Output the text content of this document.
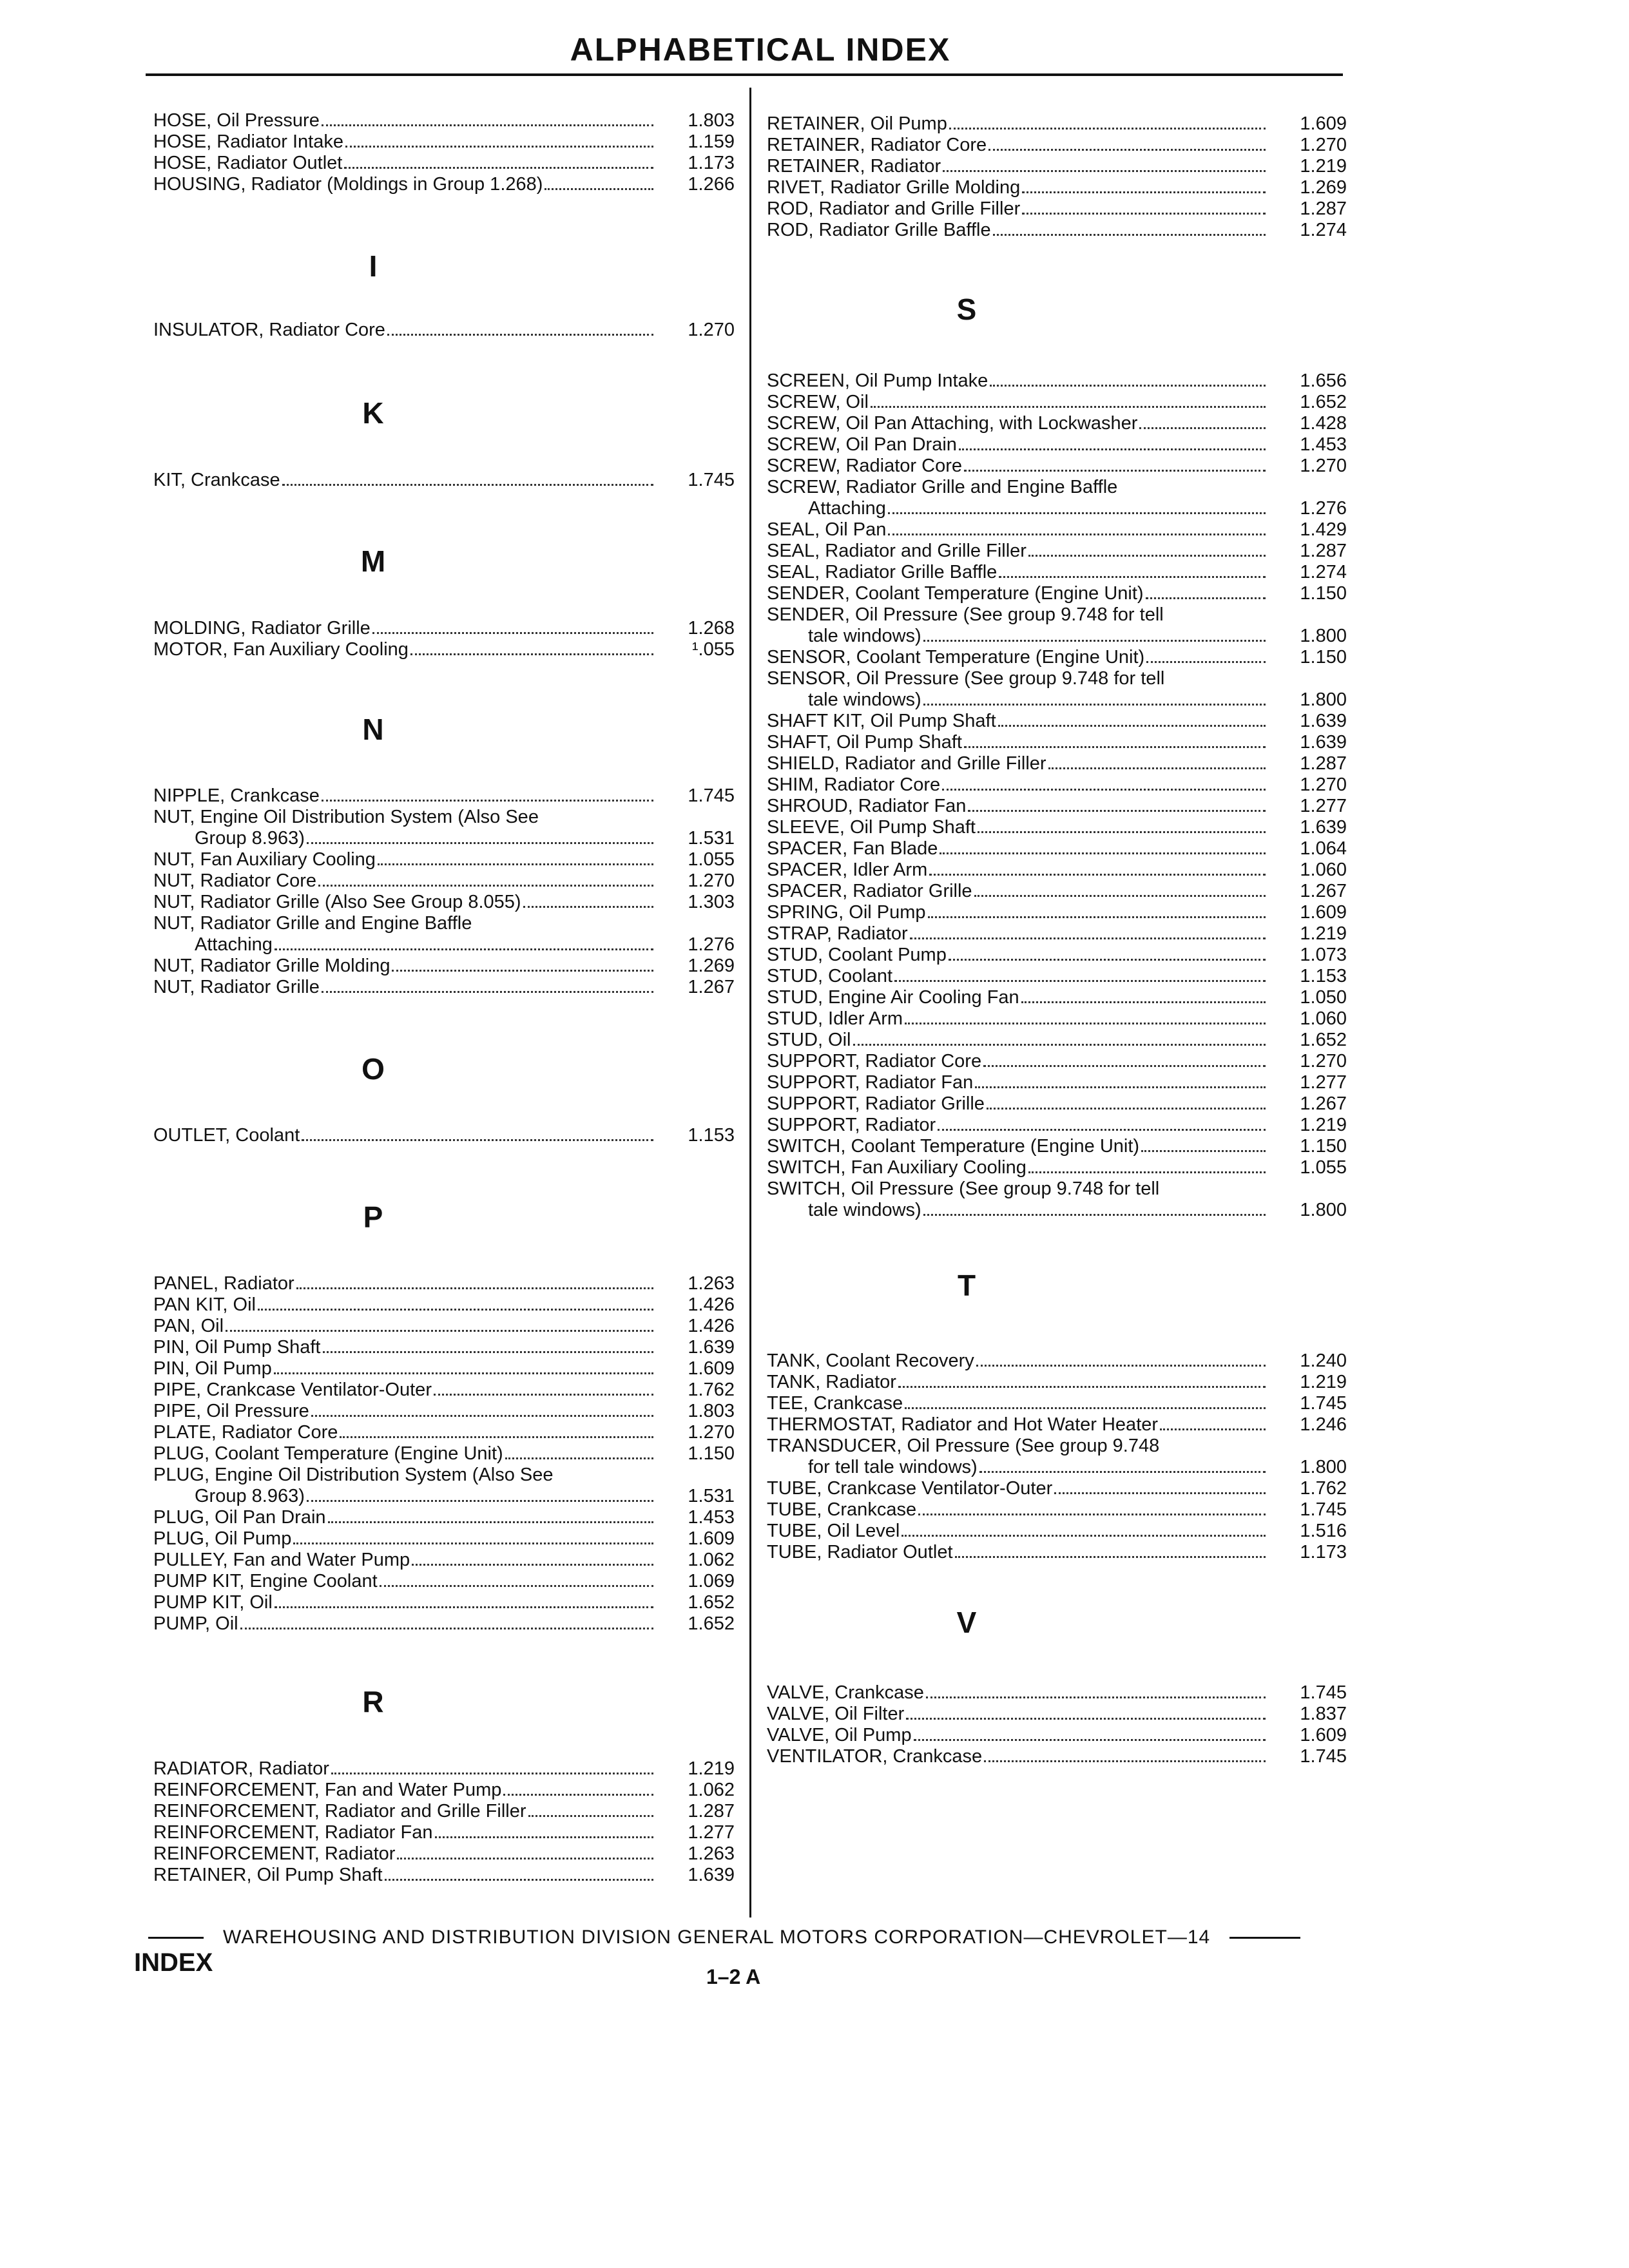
ALPHABETICAL INDEX
HOSE, Oil Pressure	1.803
HOSE, Radiator Intake	1.159
HOSE, Radiator Outlet	1.173
HOUSING, Radiator (Moldings in Group 1.268)	1.266
INSULATOR, Radiator Core	1.270
KIT, Crankcase	1.745
MOLDING, Radiator Grille	1.268
MOTOR, Fan Auxiliary Cooling	¹.055
NIPPLE, Crankcase	1.745
NUT, Engine Oil Distribution System (Also See
Group 8.963)	1.531
NUT, Fan Auxiliary Cooling	1.055
NUT, Radiator Core	1.270
NUT, Radiator Grille (Also See Group 8.055)	1.303
NUT, Radiator Grille and Engine Baffle
Attaching	1.276
NUT, Radiator Grille Molding	1.269
NUT, Radiator Grille	1.267
OUTLET, Coolant	1.153
PANEL, Radiator	1.263
PAN KIT, Oil	1.426
PAN, Oil	1.426
PIN, Oil Pump Shaft	1.639
PIN, Oil Pump	1.609
PIPE, Crankcase Ventilator-Outer	1.762
PIPE, Oil Pressure	1.803
PLATE, Radiator Core	1.270
PLUG, Coolant Temperature (Engine Unit)	1.150
PLUG, Engine Oil Distribution System (Also See
Group 8.963)	1.531
PLUG, Oil Pan Drain	1.453
PLUG, Oil Pump	1.609
PULLEY, Fan and Water Pump	1.062
PUMP KIT, Engine Coolant	1.069
PUMP KIT, Oil	1.652
PUMP, Oil	1.652
RADIATOR, Radiator	1.219
REINFORCEMENT, Fan and Water Pump	1.062
REINFORCEMENT, Radiator and Grille Filler	1.287
REINFORCEMENT, Radiator Fan	1.277
REINFORCEMENT, Radiator	1.263
RETAINER, Oil Pump Shaft	1.639
I
K
M
N
O
P
R
RETAINER, Oil Pump	1.609
RETAINER, Radiator Core	1.270
RETAINER, Radiator	1.219
RIVET, Radiator Grille Molding	1.269
ROD, Radiator and Grille Filler	1.287
ROD, Radiator Grille Baffle	1.274
SCREEN, Oil Pump Intake	1.656
SCREW, Oil	1.652
SCREW, Oil Pan Attaching, with Lockwasher	1.428
SCREW, Oil Pan Drain	1.453
SCREW, Radiator Core	1.270
SCREW, Radiator Grille and Engine Baffle
Attaching	1.276
SEAL, Oil Pan	1.429
SEAL, Radiator and Grille Filler	1.287
SEAL, Radiator Grille Baffle	1.274
SENDER, Coolant Temperature (Engine Unit)	1.150
SENDER, Oil Pressure (See group 9.748 for tell
tale windows)	1.800
SENSOR, Coolant Temperature (Engine Unit)	1.150
SENSOR, Oil Pressure (See group 9.748 for tell
tale windows)	1.800
SHAFT KIT, Oil Pump Shaft	1.639
SHAFT, Oil Pump Shaft	1.639
SHIELD, Radiator and Grille Filler	1.287
SHIM, Radiator Core	1.270
SHROUD, Radiator Fan	1.277
SLEEVE, Oil Pump Shaft	1.639
SPACER, Fan Blade	1.064
SPACER, Idler Arm	1.060
SPACER, Radiator Grille	1.267
SPRING, Oil Pump	1.609
STRAP, Radiator	1.219
STUD, Coolant Pump	1.073
STUD, Coolant	1.153
STUD, Engine Air Cooling Fan	1.050
STUD, Idler Arm	1.060
STUD, Oil	1.652
SUPPORT, Radiator Core	1.270
SUPPORT, Radiator Fan	1.277
SUPPORT, Radiator Grille	1.267
SUPPORT, Radiator	1.219
SWITCH, Coolant Temperature (Engine Unit)	1.150
SWITCH, Fan Auxiliary Cooling	1.055
SWITCH, Oil Pressure (See group 9.748 for tell
tale windows)	1.800
TANK, Coolant Recovery	1.240
TANK, Radiator	1.219
TEE, Crankcase	1.745
THERMOSTAT, Radiator and Hot Water Heater	1.246
TRANSDUCER, Oil Pressure (See group 9.748
for tell tale windows)	1.800
TUBE, Crankcase Ventilator-Outer	1.762
TUBE, Crankcase	1.745
TUBE, Oil Level	1.516
TUBE, Radiator Outlet	1.173
VALVE, Crankcase	1.745
VALVE, Oil Filter	1.837
VALVE, Oil Pump	1.609
VENTILATOR, Crankcase	1.745
S
T
V
WAREHOUSING AND DISTRIBUTION DIVISION GENERAL MOTORS CORPORATION—CHEVROLET—14
INDEX	1–2 A
